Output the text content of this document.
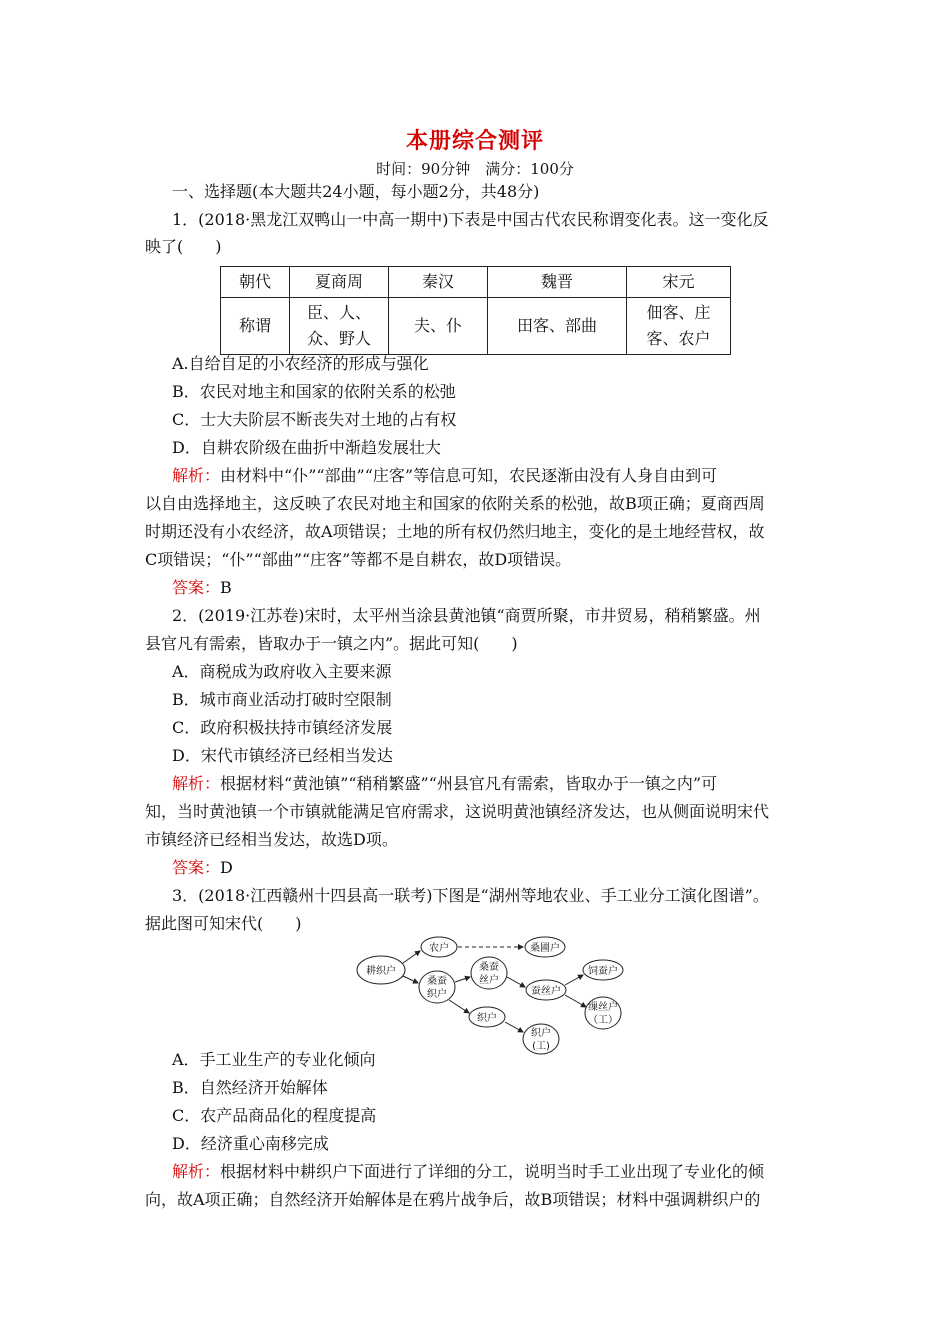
本册综合测评
时间：90分钟　满分：100分
一、选择题(本大题共24小题，每小题2分，共48分)
1．(2018·黑龙江双鸭山一中高一期中)下表是中国古代农民称谓变化表。这一变化反
映了(　　)
朝代	夏商周	秦汉	魏晋	宋元
称谓	臣、人、
众、野人	夫、仆	田客、部曲	佃客、庄
客、农户
A.自给自足的小农经济的形成与强化
B．农民对地主和国家的依附关系的松弛
C．士大夫阶层不断丧失对土地的占有权
D．自耕农阶级在曲折中渐趋发展壮大
解析：由材料中“仆”“部曲”“庄客”等信息可知，农民逐渐由没有人身自由到可
以自由选择地主，这反映了农民对地主和国家的依附关系的松弛，故B项正确；夏商西周
时期还没有小农经济，故A项错误；土地的所有权仍然归地主，变化的是土地经营权，故
C项错误；“仆”“部曲”“庄客”等都不是自耕农，故D项错误。
答案：B
2．(2019·江苏卷)宋时，太平州当涂县黄池镇“商贾所聚，市井贸易，稍稍繁盛。州
县官凡有需索，皆取办于一镇之内”。据此可知(　　)
A．商税成为政府收入主要来源
B．城市商业活动打破时空限制
C．政府积极扶持市镇经济发展
D．宋代市镇经济已经相当发达
解析：根据材料“黄池镇”“稍稍繁盛”“州县官凡有需索，皆取办于一镇之内”可
知，当时黄池镇一个市镇就能满足官府需求，这说明黄池镇经济发达，也从侧面说明宋代
市镇经济已经相当发达，故选D项。
答案：D
3．(2018·江西赣州十四县高一联考)下图是“湖州等地农业、手工业分工演化图谱”。
据此图可知宋代(　　)
耕织户
农户	桑圃户
桑蚕
织户
桑蚕
丝户
蚕丝户
饲蚕户
缫丝户
（工）
织户
织户
(工)
A．手工业生产的专业化倾向
B．自然经济开始解体
C．农产品商品化的程度提高
D．经济重心南移完成
解析：根据材料中耕织户下面进行了详细的分工，说明当时手工业出现了专业化的倾
向，故A项正确；自然经济开始解体是在鸦片战争后，故B项错误；材料中强调耕织户的
